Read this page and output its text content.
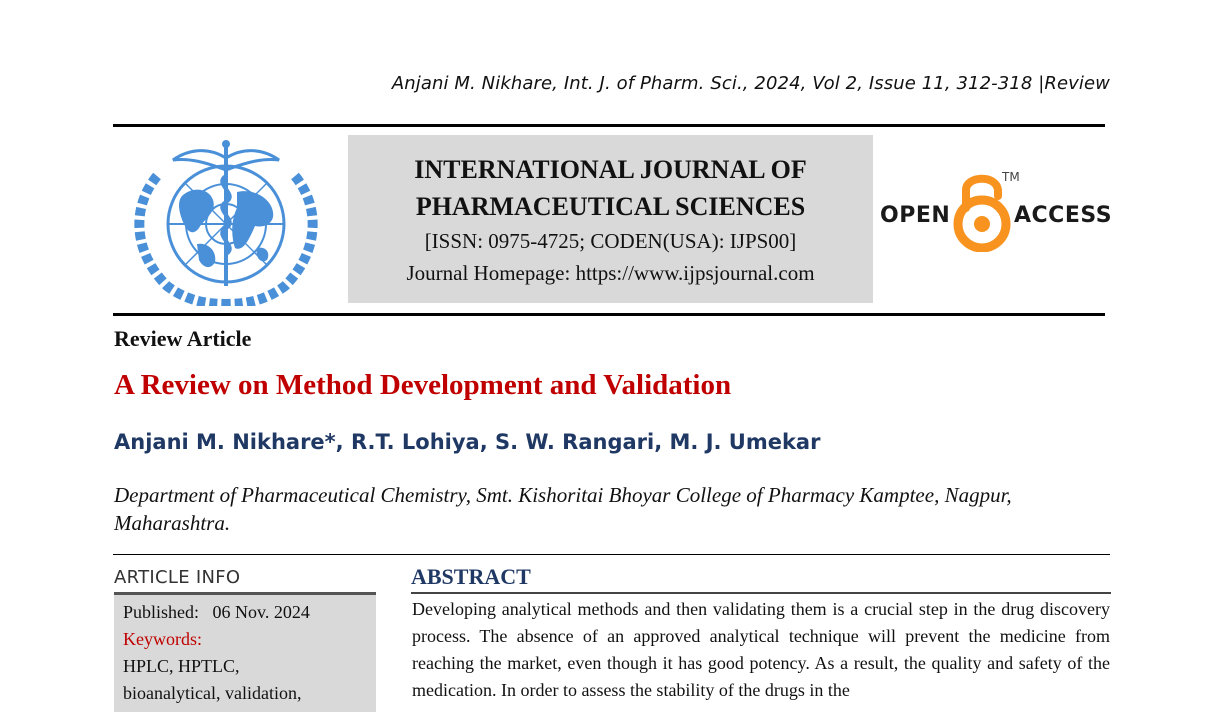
Anjani M. Nikhare, Int. J. of Pharm. Sci., 2024, Vol 2, Issue 11, 312-318 |Review
INTERNATIONAL JOURNAL OF
PHARMACEUTICAL SCIENCES
[ISSN: 0975-4725; CODEN(USA): IJPS00]
Journal Homepage: https://www.ijpsjournal.com
OPEN
TM
ACCESS
Review Article
A Review on Method Development and Validation
Anjani M. Nikhare*, R.T. Lohiya, S. W. Rangari, M. J. Umekar
Department of Pharmaceutical Chemistry, Smt. Kishoritai Bhoyar College of Pharmacy Kamptee, Nagpur,
Maharashtra.
ARTICLE INFO
Published: 06 Nov. 2024
Keywords:
HPLC, HPTLC,
bioanalytical, validation,
ABSTRACT
Developing analytical methods and then validating them is a crucial step in the drug discovery process. The absence of an approved analytical technique will prevent the medicine from reaching the market, even though it has good potency. As a result, the quality and safety of the medication. In order to assess the stability of the drugs in the
